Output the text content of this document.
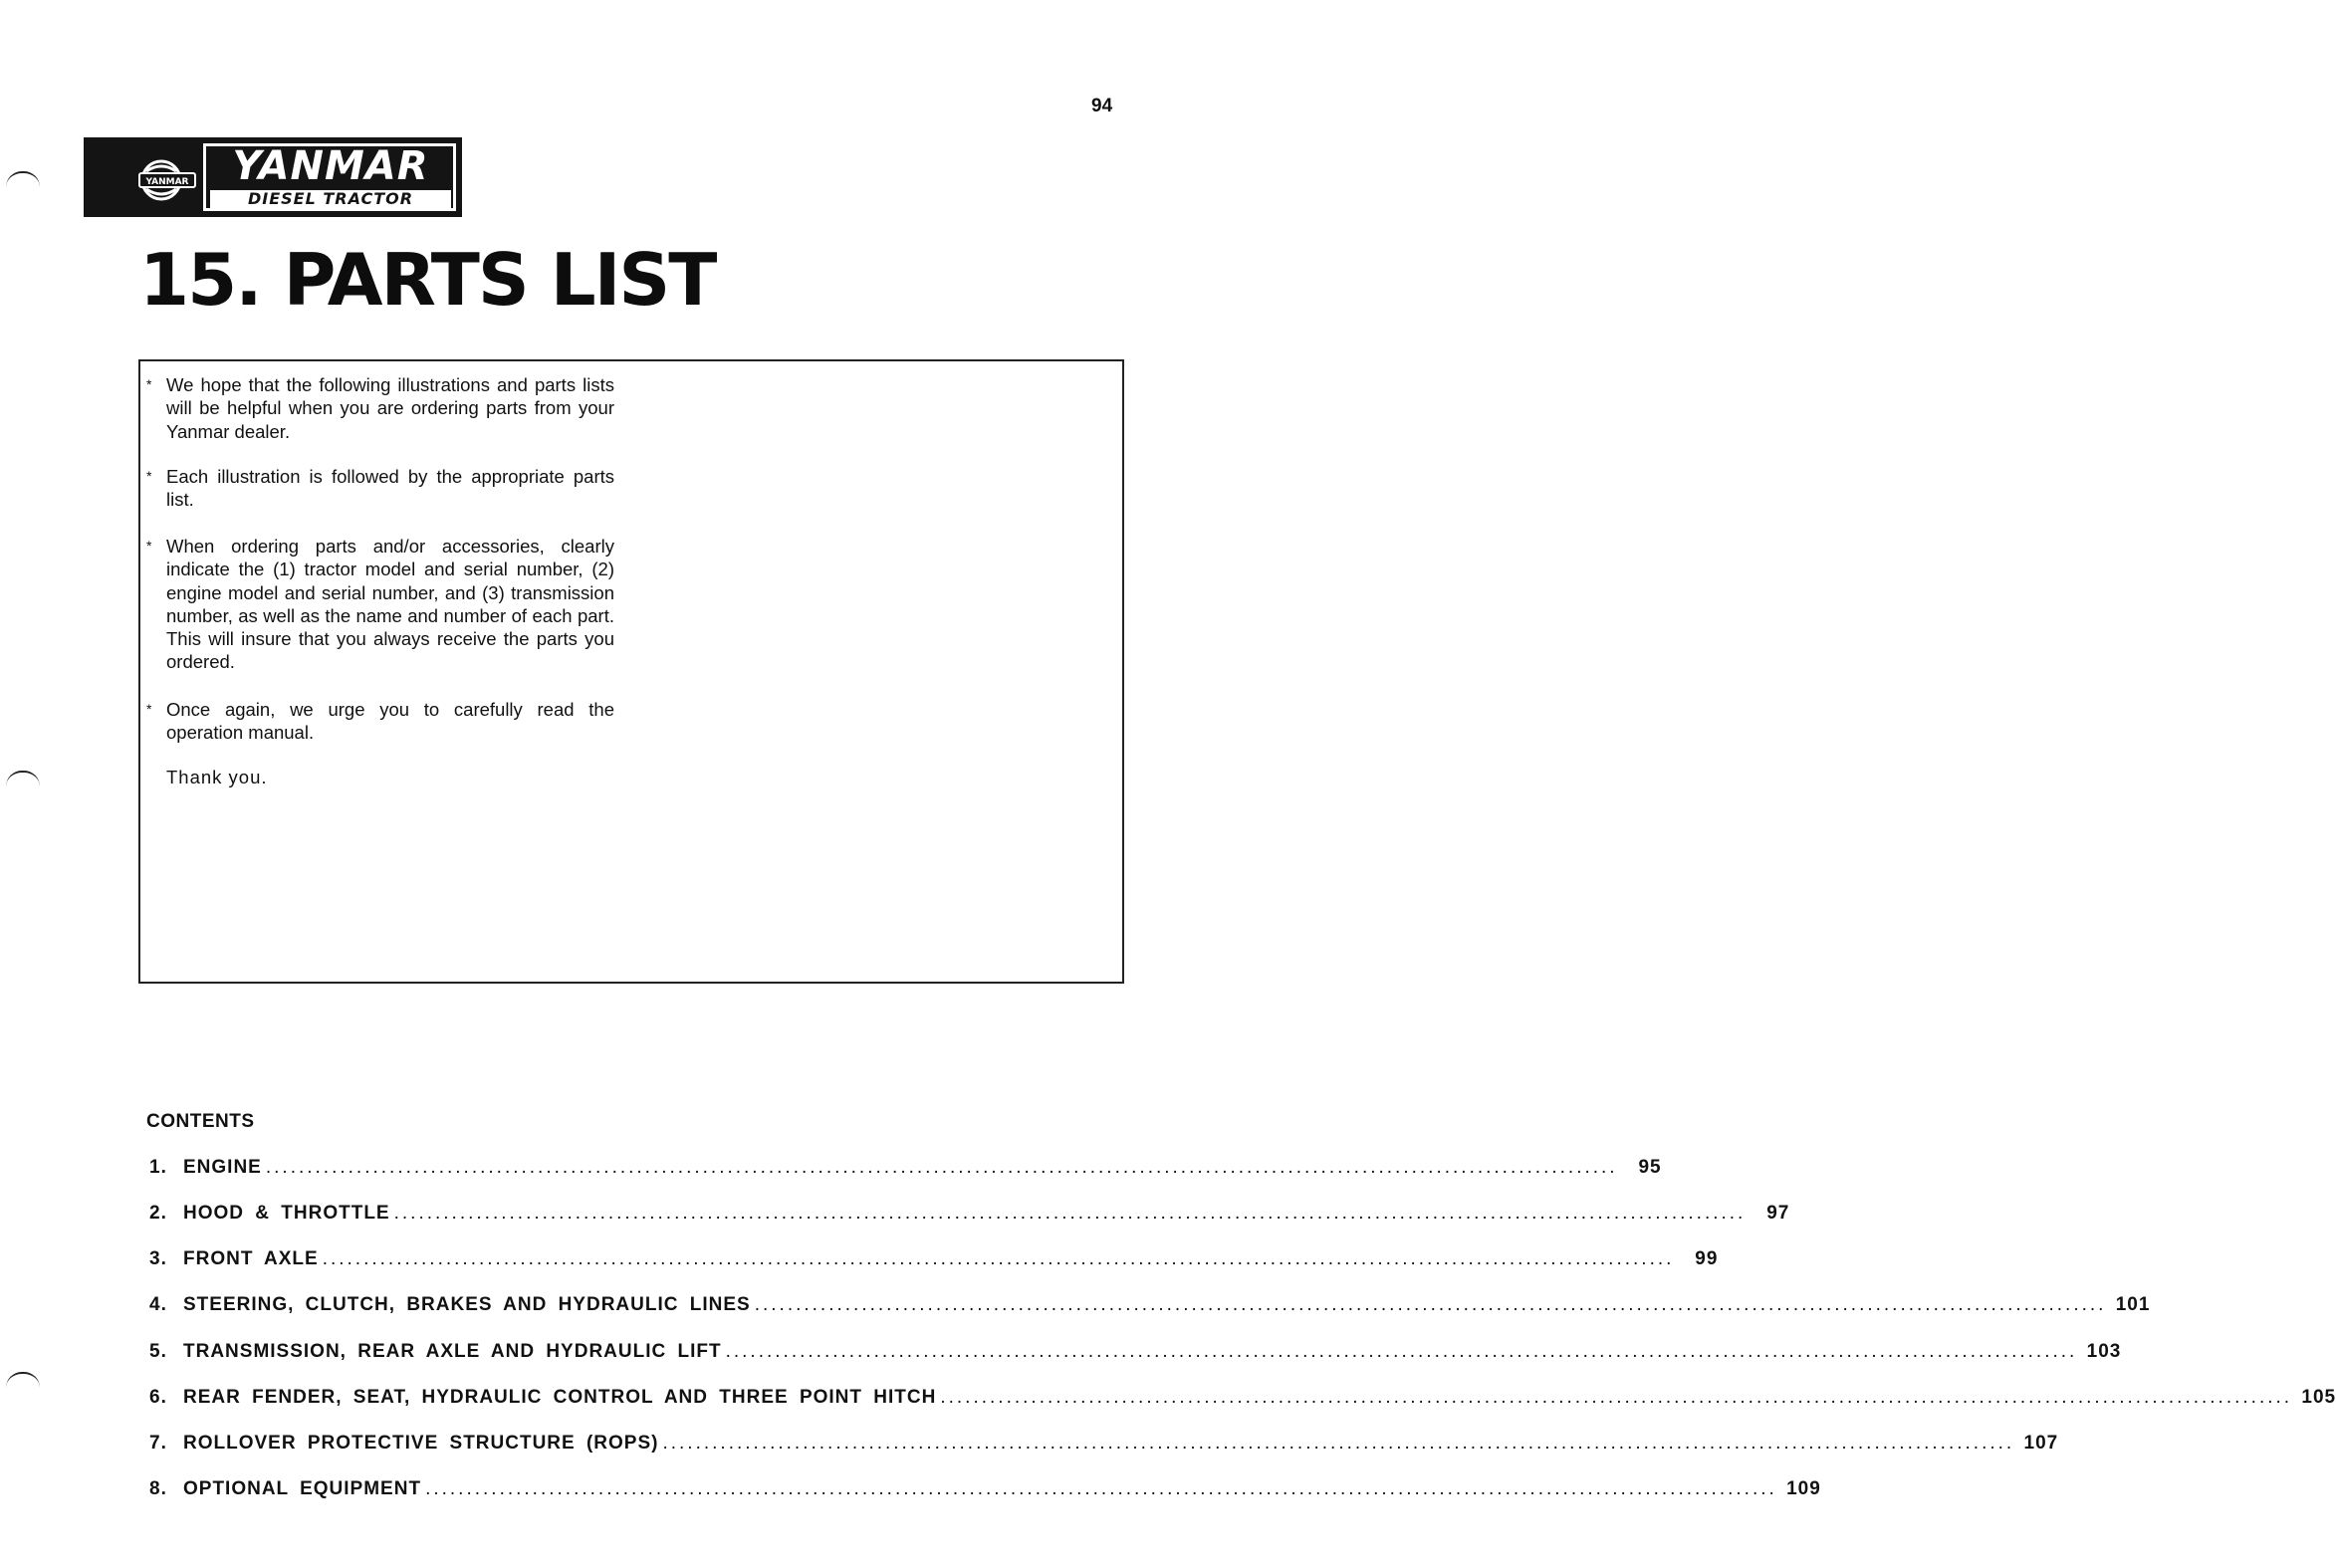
94
YANMAR	YANMAR
DIESEL TRACTOR
15. PARTS LIST
* We hope that the following illustrations and parts lists will be helpful when you are ordering parts from your Yanmar dealer.
* Each illustration is followed by the appropriate parts list.
* When ordering parts and/or accessories, clearly indicate the (1) tractor model and serial number, (2) engine model and serial number, and (3) transmission number, as well as the name and number of each part. This will insure that you always receive the parts you ordered.
* Once again, we urge you to carefully read the operation manual.
Thank you.
CONTENTS
1. ENGINE ....................................................................................................................................................................	95
2. HOOD & THROTTLE ....................................................................................................................................................................	97
3. FRONT AXLE ....................................................................................................................................................................	99
4. STEERING, CLUTCH, BRAKES AND HYDRAULIC LINES .................................................................................................................................................................... 101
5. TRANSMISSION, REAR AXLE AND HYDRAULIC LIFT .................................................................................................................................................................... 103
6. REAR FENDER, SEAT, HYDRAULIC CONTROL AND THREE POINT HITCH .................................................................................................................................................................... 105
7. ROLLOVER PROTECTIVE STRUCTURE (ROPS) .................................................................................................................................................................... 107
8. OPTIONAL EQUIPMENT .................................................................................................................................................................... 109
